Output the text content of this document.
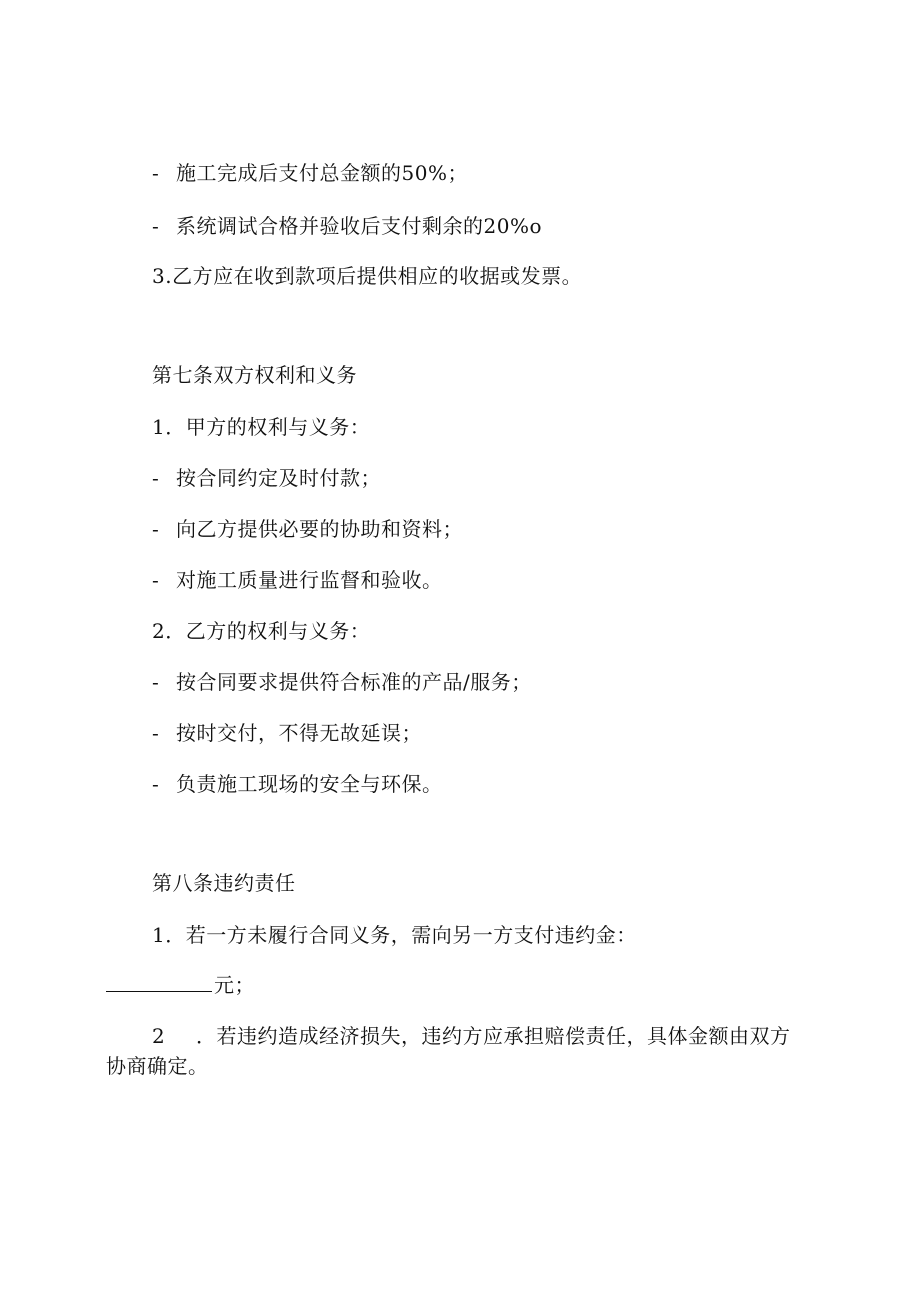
- 施工完成后支付总金额的50%；
- 系统调试合格并验收后支付剩余的20%o
3.乙方应在收到款项后提供相应的收据或发票。
第七条双方权利和义务
1．甲方的权利与义务：
- 按合同约定及时付款；
- 向乙方提供必要的协助和资料；
- 对施工质量进行监督和验收。
2．乙方的权利与义务：
- 按合同要求提供符合标准的产品/服务；
- 按时交付，不得无故延误；
- 负责施工现场的安全与环保。
第八条违约责任
1．若一方未履行合同义务，需向另一方支付违约金：
元；
2 ．若违约造成经济损失，违约方应承担赔偿责任，具体金额由双方协商确定。
